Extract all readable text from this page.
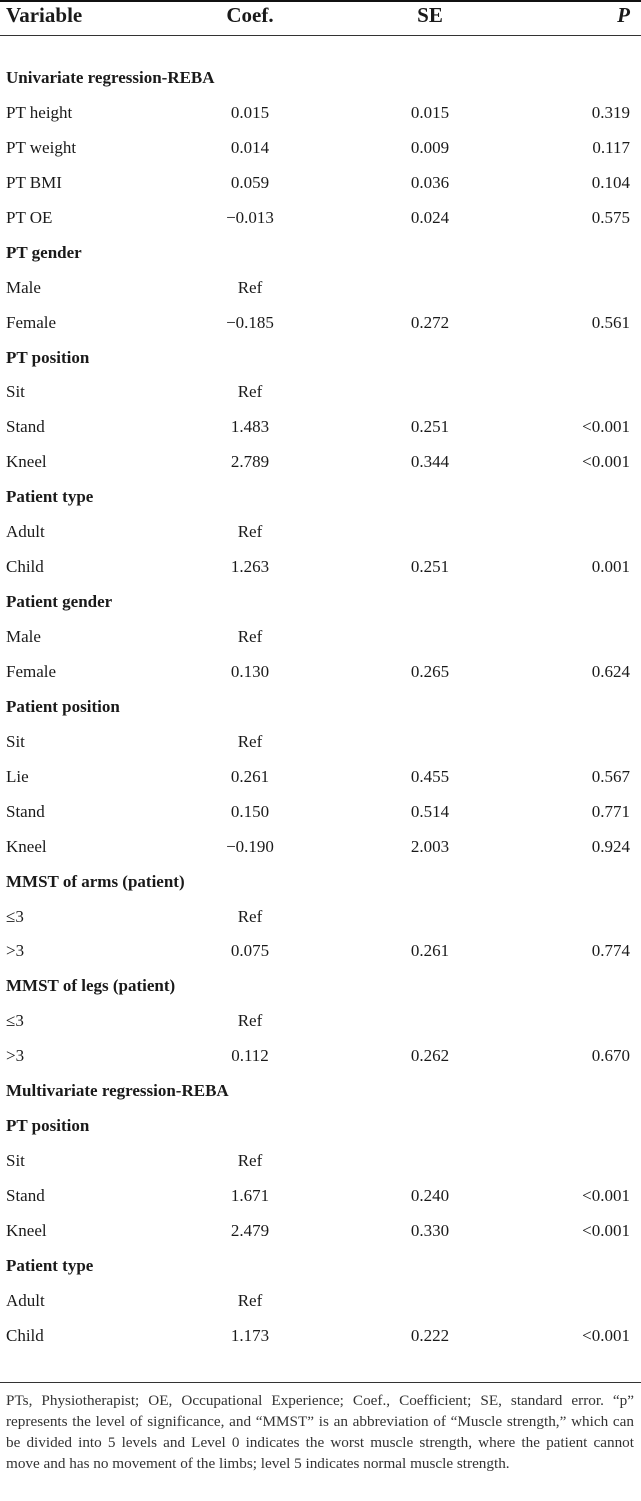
Variable	Coef.	SE	P
Univariate regression-REBA
PT height	0.015	0.015	0.319
PT weight	0.014	0.009	0.117
PT BMI	0.059	0.036	0.104
PT OE	−0.013	0.024	0.575
PT gender
Male	Ref
Female	−0.185	0.272	0.561
PT position
Sit	Ref
Stand	1.483	0.251	<0.001
Kneel	2.789	0.344	<0.001
Patient type
Adult	Ref
Child	1.263	0.251	0.001
Patient gender
Male	Ref
Female	0.130	0.265	0.624
Patient position
Sit	Ref
Lie	0.261	0.455	0.567
Stand	0.150	0.514	0.771
Kneel	−0.190	2.003	0.924
MMST of arms (patient)
≤3	Ref
>3	0.075	0.261	0.774
MMST of legs (patient)
≤3	Ref
>3	0.112	0.262	0.670
Multivariate regression-REBA
PT position
Sit	Ref
Stand	1.671	0.240	<0.001
Kneel	2.479	0.330	<0.001
Patient type
Adult	Ref
Child	1.173	0.222	<0.001
PTs, Physiotherapist; OE, Occupational Experience; Coef., Coefficient; SE, standard error. “p” represents the level of significance, and “MMST” is an abbreviation of “Muscle strength,” which can be divided into 5 levels and Level 0 indicates the worst muscle strength, where the patient cannot move and has no movement of the limbs; level 5 indicates normal muscle strength.
